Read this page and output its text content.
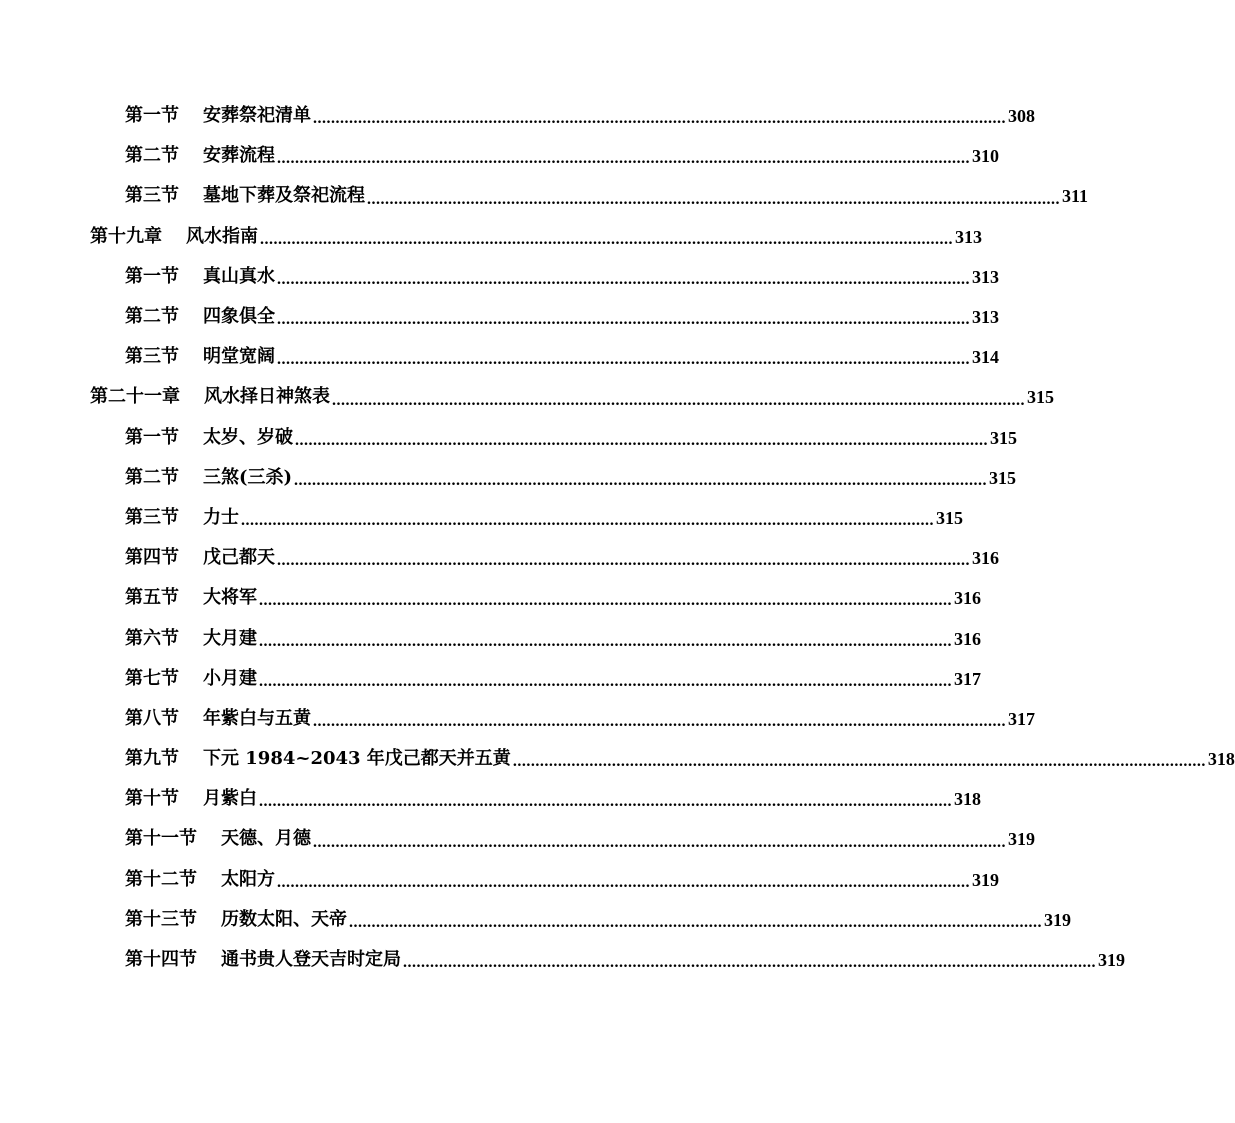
第一节 安葬祭祀清单 .......................................................................................................................................................... 308
第二节 安葬流程 .......................................................................................................................................................... 310
第三节 墓地下葬及祭祀流程 .......................................................................................................................................................... 311
第十九章 风水指南 .......................................................................................................................................................... 313
第一节 真山真水 .......................................................................................................................................................... 313
第二节 四象俱全 .......................................................................................................................................................... 313
第三节 明堂宽阔 .......................................................................................................................................................... 314
第二十一章 风水择日神煞表 .......................................................................................................................................................... 315
第一节 太岁、岁破 .......................................................................................................................................................... 315
第二节 三煞(三杀) .......................................................................................................................................................... 315
第三节 力士 .......................................................................................................................................................... 315
第四节 戊己都天 .......................................................................................................................................................... 316
第五节 大将军 .......................................................................................................................................................... 316
第六节 大月建 .......................................................................................................................................................... 316
第七节 小月建 .......................................................................................................................................................... 317
第八节 年紫白与五黄 .......................................................................................................................................................... 317
第九节 下元 1984~2043 年戊己都天并五黄 .......................................................................................................................................................... 318
第十节 月紫白 .......................................................................................................................................................... 318
第十一节 天德、月德 .......................................................................................................................................................... 319
第十二节 太阳方 .......................................................................................................................................................... 319
第十三节 历数太阳、天帝 .......................................................................................................................................................... 319
第十四节 通书贵人登天吉时定局 .......................................................................................................................................................... 319
